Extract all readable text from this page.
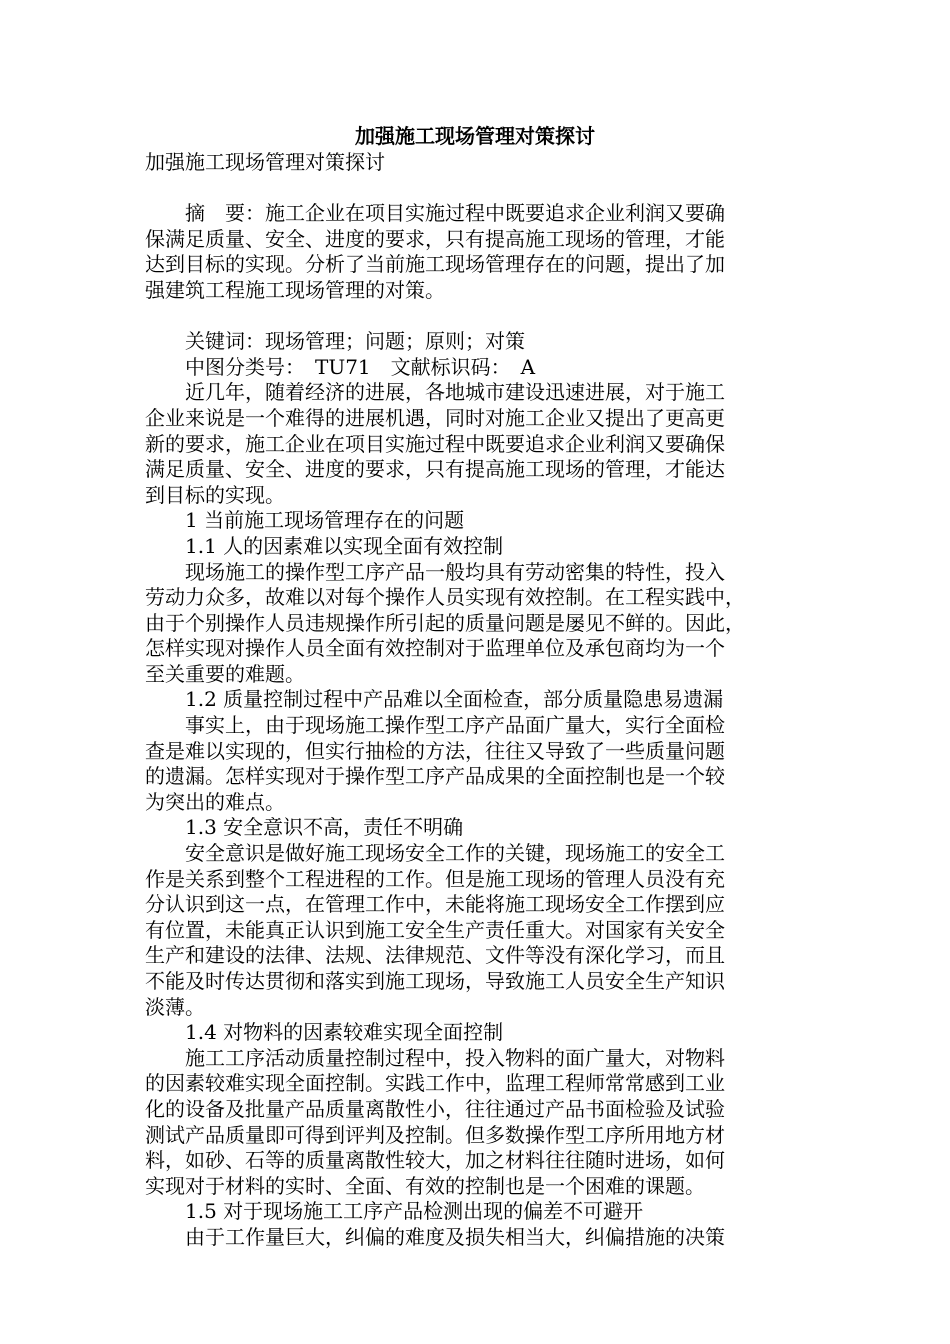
加强施工现场管理对策探讨

加强施工现场管理对策探讨

　　摘　要：施工企业在项目实施过程中既要追求企业利润又要确

保满足质量、安全、进度的要求，只有提高施工现场的管理，才能

达到目标的实现。分析了当前施工现场管理存在的问题，提出了加

强建筑工程施工现场管理的对策。

　　关键词：现场管理；问题；原则；对策

　　中图分类号：　TU71　文献标识码：　A

　　近几年，随着经济的进展，各地城市建设迅速进展，对于施工

企业来说是一个难得的进展机遇，同时对施工企业又提出了更高更

新的要求，施工企业在项目实施过程中既要追求企业利润又要确保

满足质量、安全、进度的要求，只有提高施工现场的管理，才能达

到目标的实现。

　　1 当前施工现场管理存在的问题

　　1.1 人的因素难以实现全面有效控制

　　现场施工的操作型工序产品一般均具有劳动密集的特性，投入

劳动力众多，故难以对每个操作人员实现有效控制。在工程实践中，

由于个别操作人员违规操作所引起的质量问题是屡见不鲜的。因此，

怎样实现对操作人员全面有效控制对于监理单位及承包商均为一个

至关重要的难题。

　　1.2 质量控制过程中产品难以全面检查，部分质量隐患易遗漏

　　事实上，由于现场施工操作型工序产品面广量大，实行全面检

查是难以实现的，但实行抽检的方法，往往又导致了一些质量问题

的遗漏。怎样实现对于操作型工序产品成果的全面控制也是一个较

为突出的难点。

　　1.3 安全意识不高，责任不明确

　　安全意识是做好施工现场安全工作的关键，现场施工的安全工

作是关系到整个工程进程的工作。但是施工现场的管理人员没有充

分认识到这一点，在管理工作中，未能将施工现场安全工作摆到应

有位置，未能真正认识到施工安全生产责任重大。对国家有关安全

生产和建设的法律、法规、法律规范、文件等没有深化学习，而且

不能及时传达贯彻和落实到施工现场，导致施工人员安全生产知识

淡薄。

　　1.4 对物料的因素较难实现全面控制

　　施工工序活动质量控制过程中，投入物料的面广量大，对物料

的因素较难实现全面控制。实践工作中，监理工程师常常感到工业

化的设备及批量产品质量离散性小，往往通过产品书面检验及试验

测试产品质量即可得到评判及控制。但多数操作型工序所用地方材

料，如砂、石等的质量离散性较大，加之材料往往随时进场，如何

实现对于材料的实时、全面、有效的控制也是一个困难的课题。

　　1.5 对于现场施工工序产品检测出现的偏差不可避开

　　由于工作量巨大，纠偏的难度及损失相当大，纠偏措施的决策
